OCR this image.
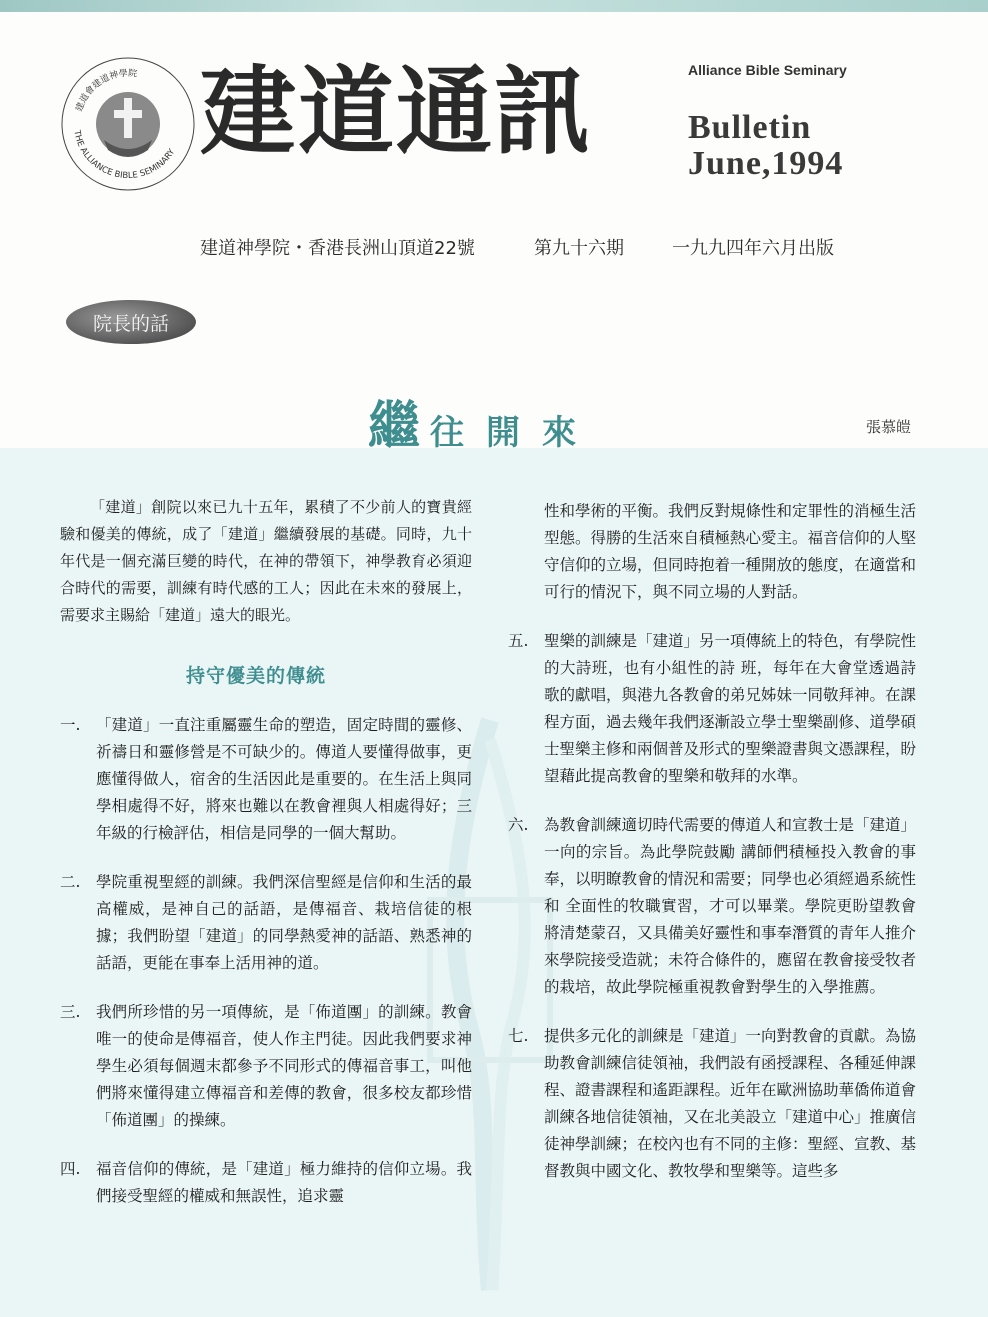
建道會建道神學院
THE ALLIANCE BIBLE SEMINARY 建道通訊	Alliance Bible Seminary
Bulletin
June,1994
建道神學院・香港長洲山頂道22號	第九十六期	一九九四年六月出版
院長的話
繼往開來	張慕皚

「建道」創院以來已九十五年，累積了不少前人的寶貴經驗和優美的傳統，成了「建道」繼續發展的基礎。同時，九十年代是一個充滿巨變的時代，在神的帶領下，神學教育必須迎合時代的需要，訓練有時代感的工人；因此在未來的發展上，需要求主賜給「建道」遠大的眼光。

持守優美的傳統
一.	「建道」一直注重屬靈生命的塑造，固定時間的靈修、祈禱日和靈修營是不可缺少的。傳道人要懂得做事，更應懂得做人，宿舍的生活因此是重要的。在生活上與同學相處得不好，將來也難以在教會裡與人相處得好；三年級的行檢評估，相信是同學的一個大幫助。
二.	學院重視聖經的訓練。我們深信聖經是信仰和生活的最高權威，是神自己的話語，是傳福音、栽培信徒的根據；我們盼望「建道」的同學熱愛神的話語、熟悉神的話語，更能在事奉上活用神的道。
三.	我們所珍惜的另一項傳統，是「佈道團」的訓練。教會唯一的使命是傳福音，使人作主門徒。因此我們要求神學生必須每個週末都參予不同形式的傳福音事工，叫他們將來懂得建立傳福音和差傳的教會，很多校友都珍惜「佈道團」的操練。
四.	福音信仰的傳統，是「建道」極力維持的信仰立場。我們接受聖經的權威和無誤性，追求靈

性和學術的平衡。我們反對規條性和定罪性的消極生活型態。得勝的生活來自積極熱心愛主。福音信仰的人堅守信仰的立場，但同時抱着一種開放的態度，在適當和可行的情況下，與不同立場的人對話。

五.	聖樂的訓練是「建道」另一項傳統上的特色，有學院性的大詩班，也有小組性的詩 班，每年在大會堂透過詩歌的獻唱，與港九各教會的弟兄姊妹一同敬拜神。在課程方面，過去幾年我們逐漸設立學士聖樂副修、道學碩士聖樂主修和兩個普及形式的聖樂證書與文憑課程，盼望藉此提高教會的聖樂和敬拜的水準。
六.	為教會訓練適切時代需要的傳道人和宣教士是「建道」一向的宗旨。為此學院鼓勵 講師們積極投入教會的事奉，以明瞭教會的情況和需要；同學也必須經過系統性和 全面性的牧職實習，才可以畢業。學院更盼望教會將清楚蒙召，又具備美好靈性和事奉潛質的青年人推介來學院接受造就；未符合條件的，應留在教會接受牧者的栽培，故此學院極重視教會對學生的入學推薦。
七.	提供多元化的訓練是「建道」一向對教會的貢獻。為協助教會訓練信徒領袖，我們設有函授課程、各種延伸課程、證書課程和遙距課程。近年在歐洲協助華僑佈道會訓練各地信徒領袖，又在北美設立「建道中心」推廣信徒神學訓練；在校內也有不同的主修：聖經、宣教、基督教與中國文化、教牧學和聖樂等。這些多
